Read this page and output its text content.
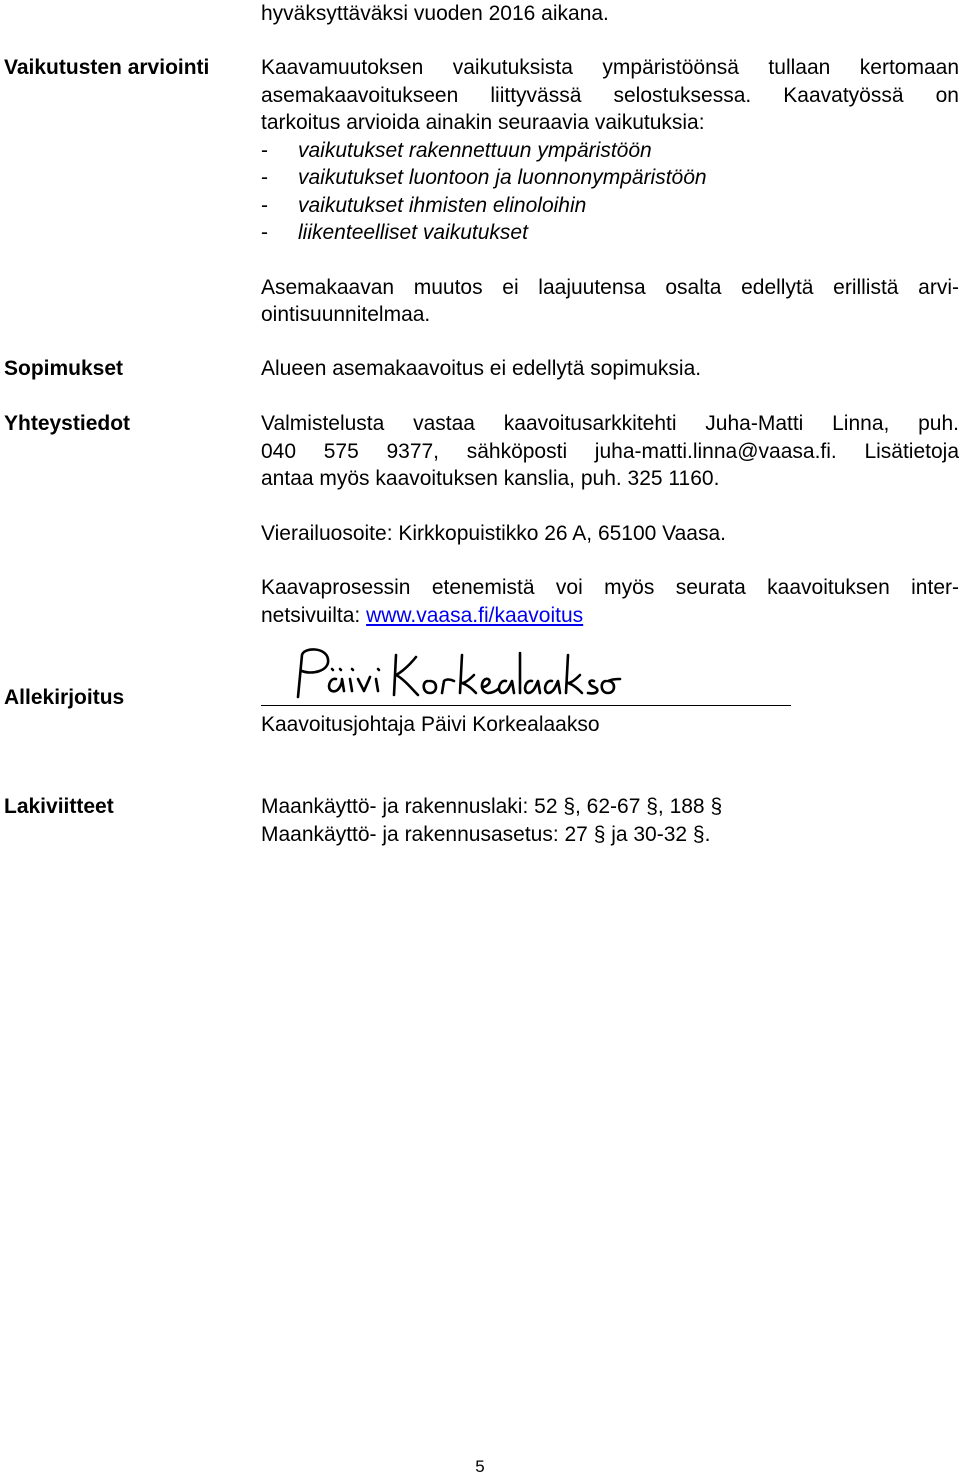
hyväksyttäväksi vuoden 2016 aikana.

Vaikutusten arviointi Kaavamuutoksen vaikutuksista ympäristöönsä tullaan kertomaan

asemakaavoitukseen liittyvässä selostuksessa. Kaavatyössä on

tarkoitus arvioida ainakin seuraavia vaikutuksia:

- vaikutukset rakennettuun ympäristöön
- vaikutukset luontoon ja luonnonympäristöön
- vaikutukset ihmisten elinoloihin
- liikenteelliset vaikutukset

Asemakaavan muutos ei laajuutensa osalta edellytä erillistä arvi-

ointisuunnitelmaa.

Sopimukset	Alueen asemakaavoitus ei edellytä sopimuksia.

Yhteystiedot	Valmistelusta vastaa kaavoitusarkkitehti Juha-Matti Linna, puh.

040 575 9377, sähköposti juha-matti.linna@vaasa.fi. Lisätietoja

antaa myös kaavoituksen kanslia, puh. 325 1160.

Vierailuosoite: Kirkkopuistikko 26 A, 65100 Vaasa.

Kaavaprosessin etenemistä voi myös seurata kaavoituksen inter-

netsivuilta: www.vaasa.fi/kaavoitus

Allekirjoitus

Kaavoitusjohtaja Päivi Korkealaakso

Lakiviitteet	Maankäyttö- ja rakennuslaki: 52 §, 62-67 §, 188 §

Maankäyttö- ja rakennusasetus: 27 § ja 30-32 §.

5
